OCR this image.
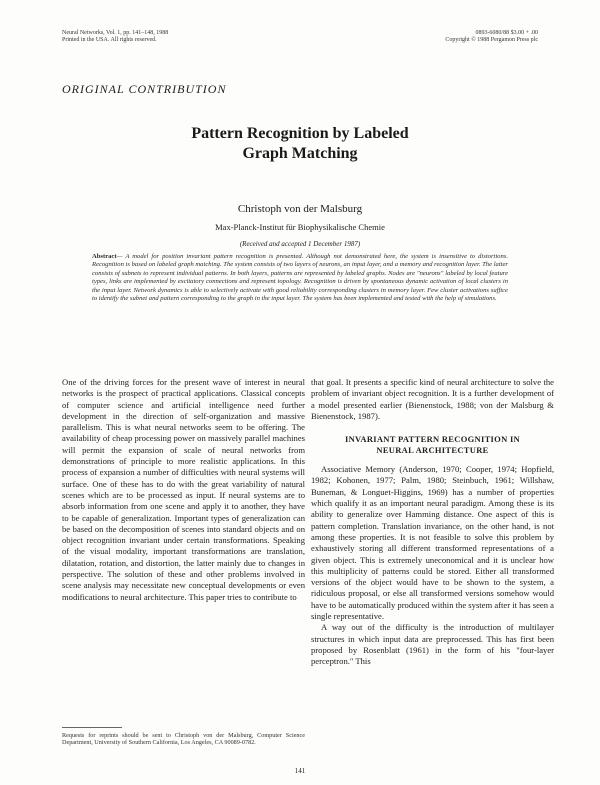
Neural Networks, Vol. 1, pp. 141–148, 1988
Printed in the USA. All rights reserved.
0893-6080/88 $3.00 + .00
Copyright © 1988 Pergamon Press plc
ORIGINAL CONTRIBUTION
Pattern Recognition by Labeled
Graph Matching
Christoph von der Malsburg
Max-Planck-Institut für Biophysikalische Chemie
(Received and accepted 1 December 1987)
Abstract— A model for position invariant pattern recognition is presented. Although not demonstrated here, the system is insensitive to distortions. Recognition is based on labeled graph matching. The system consists of two layers of neurons, an input layer, and a memory and recognition layer. The latter consists of subnets to represent individual patterns. In both layers, patterns are represented by labeled graphs. Nodes are "neurons" labeled by local feature types, links are implemented by excitatory connections and represent topology. Recognition is driven by spontaneous dynamic activation of local clusters in the input layer. Network dynamics is able to selectively activate with good reliability corresponding clusters in memory layer. Few cluster activations suffice to identify the subnet and pattern corresponding to the graph in the input layer. The system has been implemented and tested with the help of simulations.

One of the driving forces for the present wave of interest in neural networks is the prospect of practical applications. Classical concepts of computer science and artificial intelligence need further development in the direction of self-organization and massive parallelism. This is what neural networks seem to be offering. The availability of cheap processing power on massively parallel machines will permit the expansion of scale of neural networks from demonstrations of principle to more realistic applications. In this process of expansion a number of difficulties with neural systems will surface. One of these has to do with the great variability of natural scenes which are to be processed as input. If neural systems are to absorb information from one scene and apply it to another, they have to be capable of generalization. Important types of generalization can be based on the decomposition of scenes into standard objects and on object recognition invariant under certain transformations. Speaking of the visual modality, important transformations are translation, dilatation, rotation, and distortion, the latter mainly due to changes in perspective. The solution of these and other problems involved in scene analysis may necessitate new conceptual developments or even modifications to neural architecture. This paper tries to contribute to

that goal. It presents a specific kind of neural architecture to solve the problem of invariant object recognition. It is a further development of a model presented earlier (Bienenstock, 1988; von der Malsburg & Bienenstock, 1987).

INVARIANT PATTERN RECOGNITION IN
NEURAL ARCHITECTURE

Associative Memory (Anderson, 1970; Cooper, 1974; Hopfield, 1982; Kohonen, 1977; Palm, 1980; Steinbuch, 1961; Willshaw, Buneman, & Longuet-Higgins, 1969) has a number of properties which qualify it as an important neural paradigm. Among these is its ability to generalize over Hamming distance. One aspect of this is pattern completion. Translation invariance, on the other hand, is not among these properties. It is not feasible to solve this problem by exhaustively storing all different transformed representations of a given object. This is extremely uneconomical and it is unclear how this multiplicity of patterns could be stored. Either all transformed versions of the object would have to be shown to the system, a ridiculous proposal, or else all transformed versions somehow would have to be automatically produced within the system after it has seen a single representative.

A way out of the difficulty is the introduction of multilayer structures in which input data are preprocessed. This has first been proposed by Rosenblatt (1961) in the form of his "four-layer perceptron." This

Requests for reprints should be sent to Christoph von der Malsburg, Computer Science Department, University of Southern California, Los Angeles, CA 90089-0782.
141
